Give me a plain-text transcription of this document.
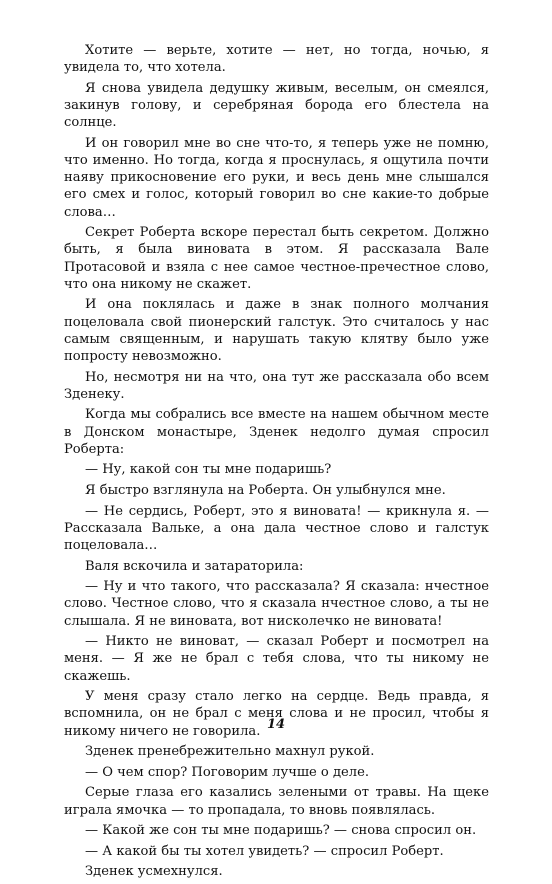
Хотите — верьте, хотите — нет, но тогда, ночью, я увидела то, что хотела.

Я снова увидела дедушку живым, веселым, он смеялся, закинув голову, и серебряная борода его блестела на солнце.

И он говорил мне во сне что-то, я теперь уже не помню, что именно. Но тогда, когда я проснулась, я ощутила почти наяву прикосновение его руки, и весь день мне слышался его смех и голос, который говорил во сне какие-то добрые слова…

Секрет Роберта вскоре перестал быть секретом. Должно быть, я была виновата в этом. Я рассказала Вале Протасовой и взяла с нее самое честное-пречестное слово, что она никому не скажет.

И она поклялась и даже в знак полного молчания поцеловала свой пионерский галстук. Это считалось у нас самым священным, и нарушать такую клятву было уже попросту невозможно.

Но, несмотря ни на что, она тут же рассказала обо всем Зденеку.

Когда мы собрались все вместе на нашем обычном месте в Донском монастыре, Зденек недолго думая спросил Роберта:

— Ну, какой сон ты мне подаришь?

Я быстро взглянула на Роберта. Он улыбнулся мне.

— Не сердись, Роберт, это я виновата! — крикнула я. — Рассказала Вальке, а она дала честное слово и галстук поцеловала…

Валя вскочила и затараторила:

— Ну и что такого, что рассказала? Я сказала: нчестное слово. Честное слово, что я сказала нчестное слово, а ты не слышала. Я не виновата, вот нисколечко не виновата!

— Никто не виноват, — сказал Роберт и посмотрел на меня. — Я же не брал с тебя слова, что ты никому не скажешь.

У меня сразу стало легко на сердце. Ведь правда, я вспомнила, он не брал с меня слова и не просил, чтобы я никому ничего не говорила.

Зденек пренебрежительно махнул рукой.

— О чем спор? Поговорим лучше о деле.

Серые глаза его казались зелеными от травы. На щеке играла ямочка — то пропадала, то вновь появлялась.

— Какой же сон ты мне подаришь? — снова спросил он.

— А какой бы ты хотел увидеть? — спросил Роберт.

Зденек усмехнулся.

14
